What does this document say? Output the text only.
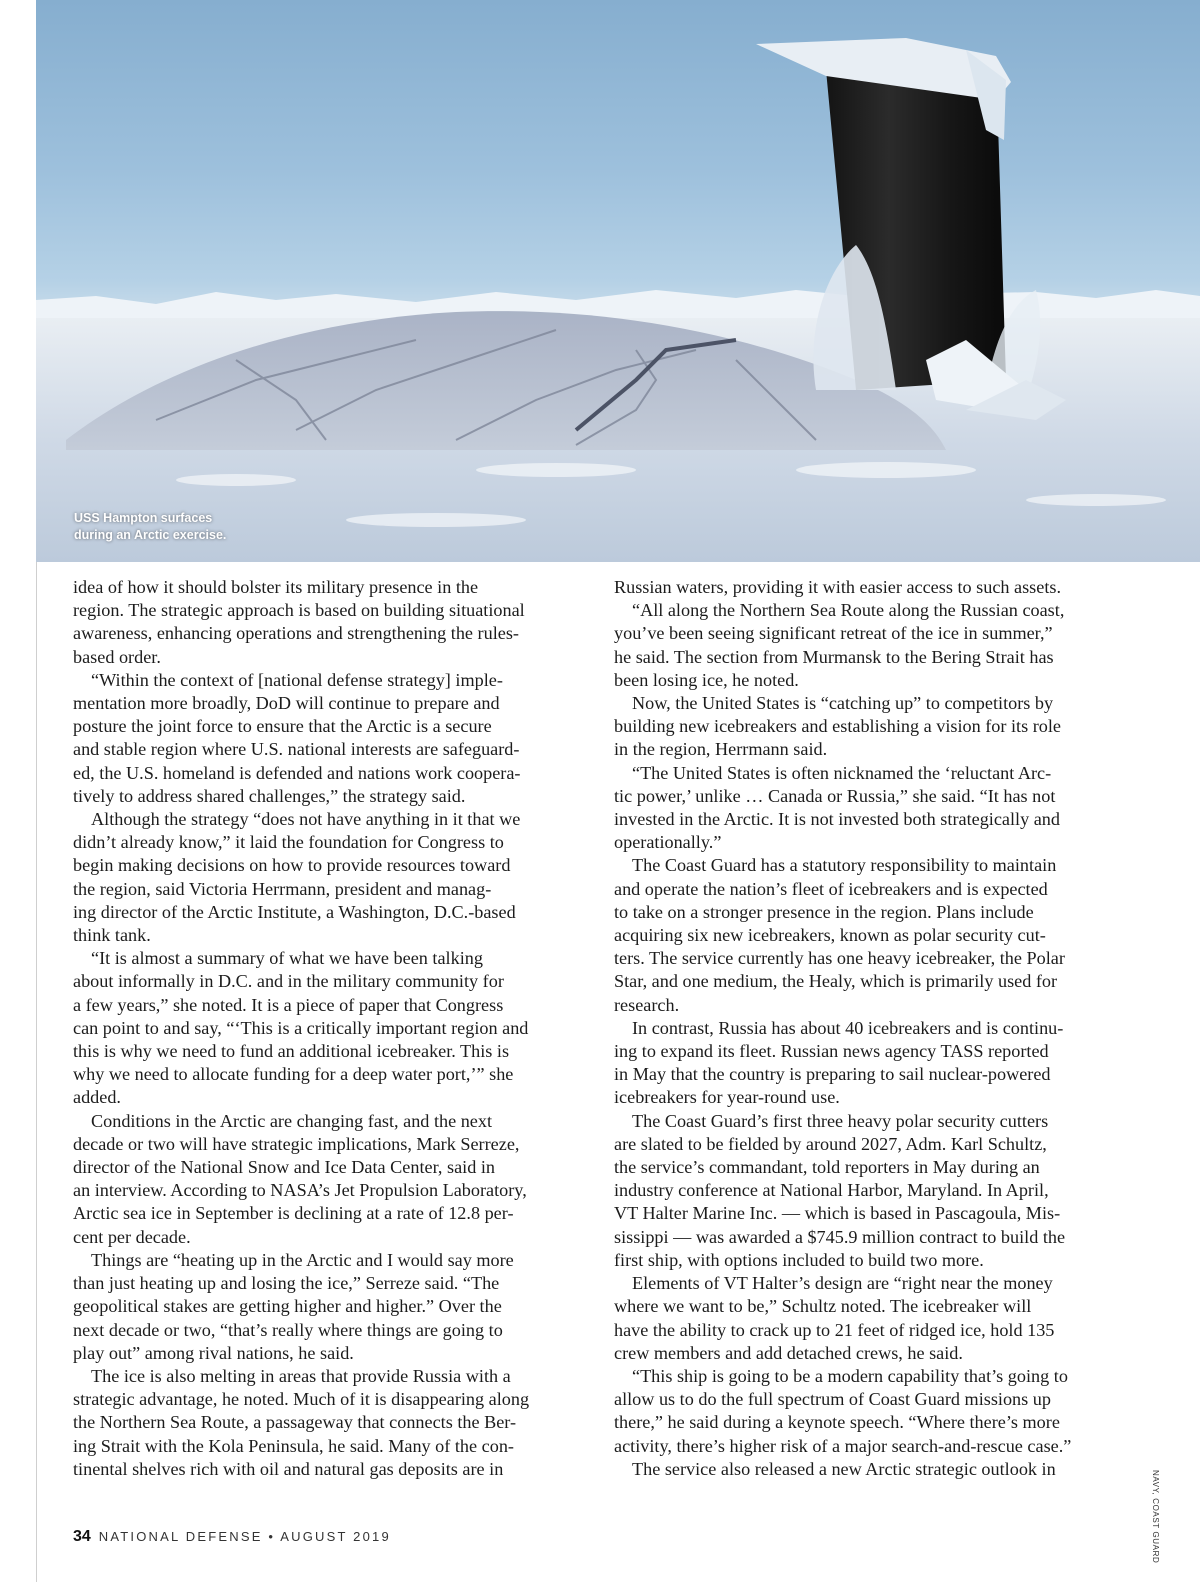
USS Hampton surfaces
during an Arctic exercise.

idea of how it should bolster its military presence in the
region. The strategic approach is based on building situational
awareness, enhancing operations and strengthening the rules-
based order.

“Within the context of [national defense strategy] imple-
mentation more broadly, DoD will continue to prepare and
posture the joint force to ensure that the Arctic is a secure
and stable region where U.S. national interests are safeguard-
ed, the U.S. homeland is defended and nations work coopera-
tively to address shared challenges,” the strategy said.

Although the strategy “does not have anything in it that we
didn’t already know,” it laid the foundation for Congress to
begin making decisions on how to provide resources toward
the region, said Victoria Herrmann, president and manag-
ing director of the Arctic Institute, a Washington, D.C.-based
think tank.

“It is almost a summary of what we have been talking
about informally in D.C. and in the military community for
a few years,” she noted. It is a piece of paper that Congress
can point to and say, “‘This is a critically important region and
this is why we need to fund an additional icebreaker. This is
why we need to allocate funding for a deep water port,’” she
added.

Conditions in the Arctic are changing fast, and the next
decade or two will have strategic implications, Mark Serreze,
director of the National Snow and Ice Data Center, said in
an interview. According to NASA’s Jet Propulsion Laboratory,
Arctic sea ice in September is declining at a rate of 12.8 per-
cent per decade.

Things are “heating up in the Arctic and I would say more
than just heating up and losing the ice,” Serreze said. “The
geopolitical stakes are getting higher and higher.” Over the
next decade or two, “that’s really where things are going to
play out” among rival nations, he said.

The ice is also melting in areas that provide Russia with a
strategic advantage, he noted. Much of it is disappearing along
the Northern Sea Route, a passageway that connects the Ber-
ing Strait with the Kola Peninsula, he said. Many of the con-
tinental shelves rich with oil and natural gas deposits are in

Russian waters, providing it with easier access to such assets.

“All along the Northern Sea Route along the Russian coast,
you’ve been seeing significant retreat of the ice in summer,”
he said. The section from Murmansk to the Bering Strait has
been losing ice, he noted.

Now, the United States is “catching up” to competitors by
building new icebreakers and establishing a vision for its role
in the region, Herrmann said.

“The United States is often nicknamed the ‘reluctant Arc-
tic power,’ unlike … Canada or Russia,” she said. “It has not
invested in the Arctic. It is not invested both strategically and
operationally.”

The Coast Guard has a statutory responsibility to maintain
and operate the nation’s fleet of icebreakers and is expected
to take on a stronger presence in the region. Plans include
acquiring six new icebreakers, known as polar security cut-
ters. The service currently has one heavy icebreaker, the Polar
Star, and one medium, the Healy, which is primarily used for
research.

In contrast, Russia has about 40 icebreakers and is continu-
ing to expand its fleet. Russian news agency TASS reported
in May that the country is preparing to sail nuclear-powered
icebreakers for year-round use.

The Coast Guard’s first three heavy polar security cutters
are slated to be fielded by around 2027, Adm. Karl Schultz,
the service’s commandant, told reporters in May during an
industry conference at National Harbor, Maryland. In April,
VT Halter Marine Inc. — which is based in Pascagoula, Mis-
sissippi — was awarded a $745.9 million contract to build the
first ship, with options included to build two more.

Elements of VT Halter’s design are “right near the money
where we want to be,” Schultz noted. The icebreaker will
have the ability to crack up to 21 feet of ridged ice, hold 135
crew members and add detached crews, he said.

“This ship is going to be a modern capability that’s going to
allow us to do the full spectrum of Coast Guard missions up
there,” he said during a keynote speech. “Where there’s more
activity, there’s higher risk of a major search-and-rescue case.”

The service also released a new Arctic strategic outlook in

NAVY, COAST GUARD
34 NATIONAL DEFENSE • AUGUST 2019
